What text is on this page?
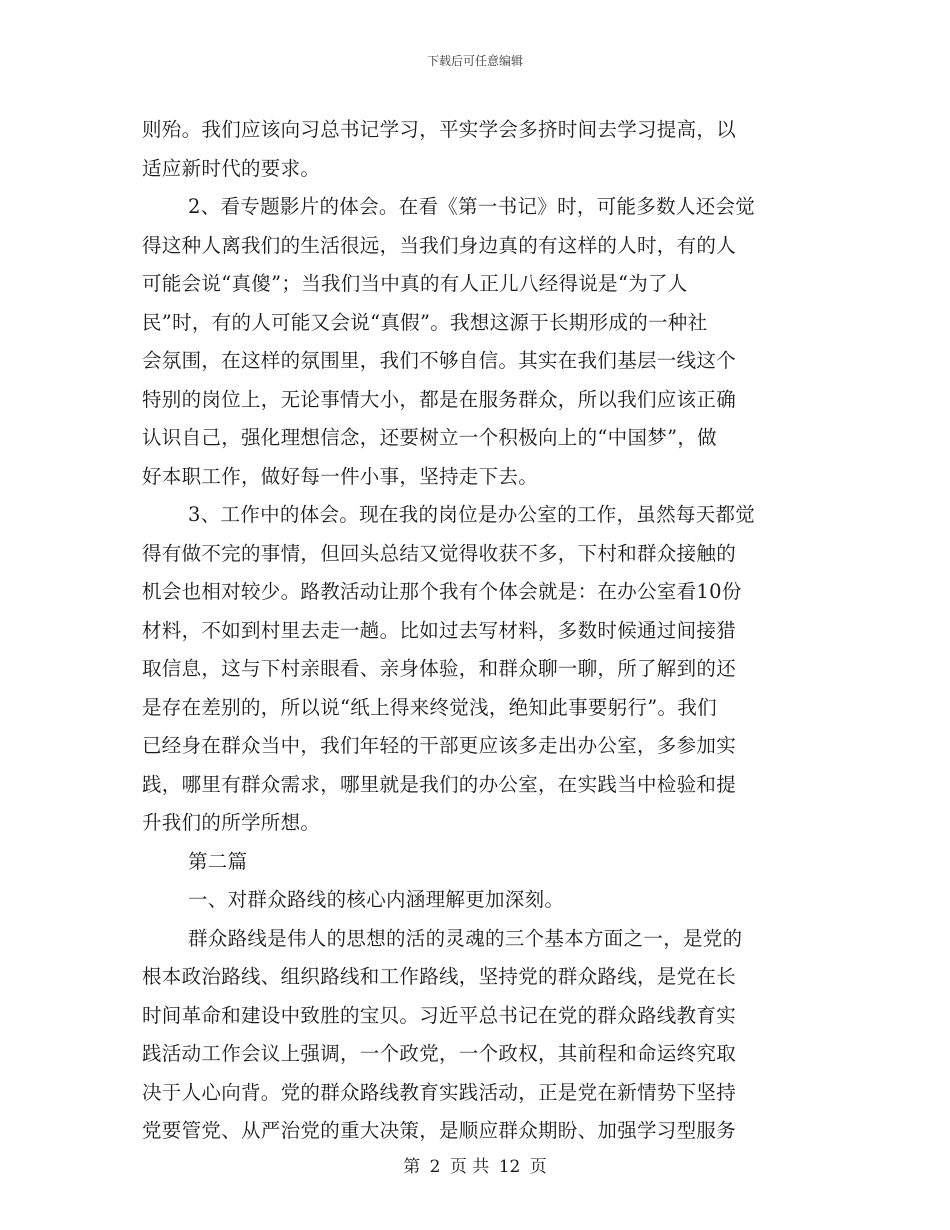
下载后可任意编辑
则殆。我们应该向习总书记学习，平实学会多挤时间去学习提高，以
适应新时代的要求。
2、看专题影片的体会。在看《第一书记》时，可能多数人还会觉
得这种人离我们的生活很远，当我们身边真的有这样的人时，有的人
可能会说“真傻”；当我们当中真的有人正儿八经得说是“为了人
民”时，有的人可能又会说“真假”。我想这源于长期形成的一种社
会氛围，在这样的氛围里，我们不够自信。其实在我们基层一线这个
特别的岗位上，无论事情大小，都是在服务群众，所以我们应该正确
认识自己，强化理想信念，还要树立一个积极向上的“中国梦”，做
好本职工作，做好每一件小事，坚持走下去。
3、工作中的体会。现在我的岗位是办公室的工作，虽然每天都觉
得有做不完的事情，但回头总结又觉得收获不多，下村和群众接触的
机会也相对较少。路教活动让那个我有个体会就是：在办公室看10份
材料，不如到村里去走一趟。比如过去写材料，多数时候通过间接猎
取信息，这与下村亲眼看、亲身体验，和群众聊一聊，所了解到的还
是存在差别的，所以说“纸上得来终觉浅，绝知此事要躬行”。我们
已经身在群众当中，我们年轻的干部更应该多走出办公室，多参加实
践，哪里有群众需求，哪里就是我们的办公室，在实践当中检验和提
升我们的所学所想。
第二篇
一、对群众路线的核心内涵理解更加深刻。
群众路线是伟人的思想的活的灵魂的三个基本方面之一，是党的
根本政治路线、组织路线和工作路线，坚持党的群众路线，是党在长
时间革命和建设中致胜的宝贝。习近平总书记在党的群众路线教育实
践活动工作会议上强调，一个政党，一个政权，其前程和命运终究取
决于人心向背。党的群众路线教育实践活动，正是党在新情势下坚持
党要管党、从严治党的重大决策，是顺应群众期盼、加强学习型服务
第 2 页 共 12 页
